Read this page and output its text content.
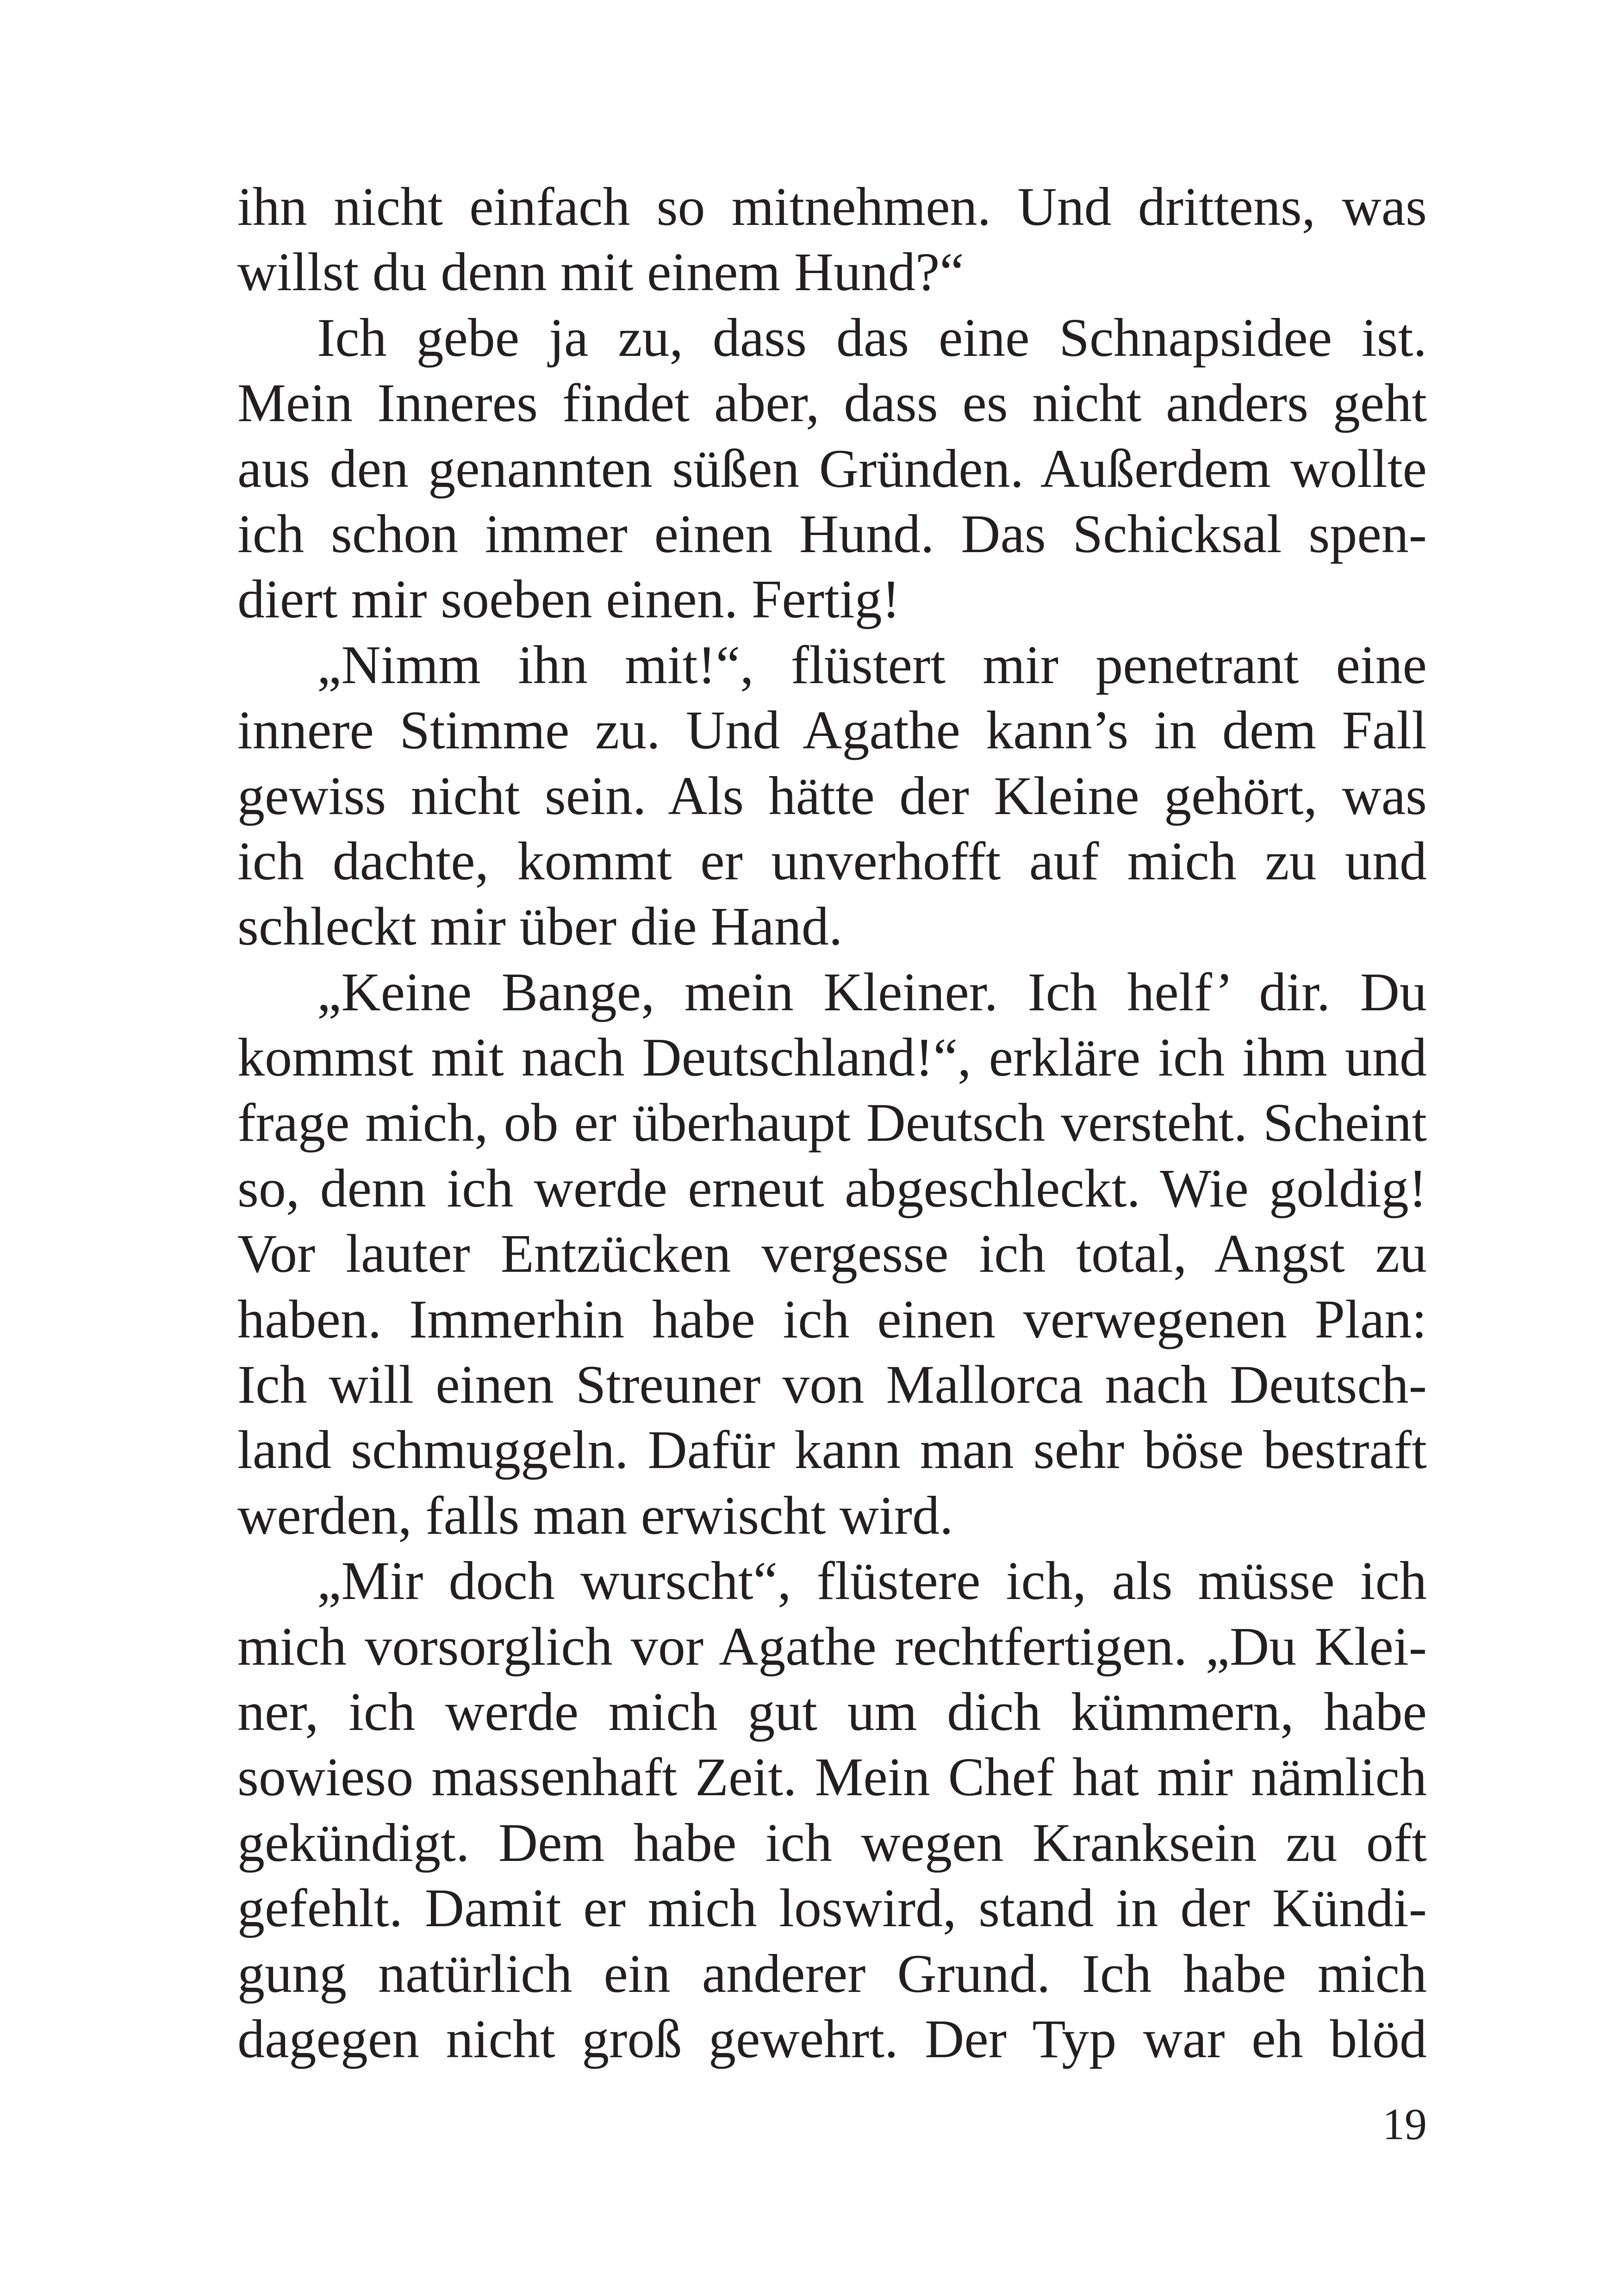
ihn nicht einfach so mitnehmen. Und drittens, was
willst du denn mit einem Hund?“
Ich gebe ja zu, dass das eine Schnapsidee ist.
Mein Inneres findet aber, dass es nicht anders geht
aus den genannten süßen Gründen. Außerdem wollte
ich schon immer einen Hund. Das Schicksal spen-
diert mir soeben einen. Fertig!
„Nimm ihn mit!“, flüstert mir penetrant eine
innere Stimme zu. Und Agathe kann’s in dem Fall
gewiss nicht sein. Als hätte der Kleine gehört, was
ich dachte, kommt er unverhofft auf mich zu und
schleckt mir über die Hand.
„Keine Bange, mein Kleiner. Ich helf’ dir. Du
kommst mit nach Deutschland!“, erkläre ich ihm und
frage mich, ob er überhaupt Deutsch versteht. Scheint
so, denn ich werde erneut abgeschleckt. Wie goldig!
Vor lauter Entzücken vergesse ich total, Angst zu
haben. Immerhin habe ich einen verwegenen Plan:
Ich will einen Streuner von Mallorca nach Deutsch-
land schmuggeln. Dafür kann man sehr böse bestraft
werden, falls man erwischt wird.
„Mir doch wurscht“, flüstere ich, als müsse ich
mich vorsorglich vor Agathe rechtfertigen. „Du Klei-
ner, ich werde mich gut um dich kümmern, habe
sowieso massenhaft Zeit. Mein Chef hat mir nämlich
gekündigt. Dem habe ich wegen Kranksein zu oft
gefehlt. Damit er mich loswird, stand in der Kündi-
gung natürlich ein anderer Grund. Ich habe mich
dagegen nicht groß gewehrt. Der Typ war eh blöd

19
